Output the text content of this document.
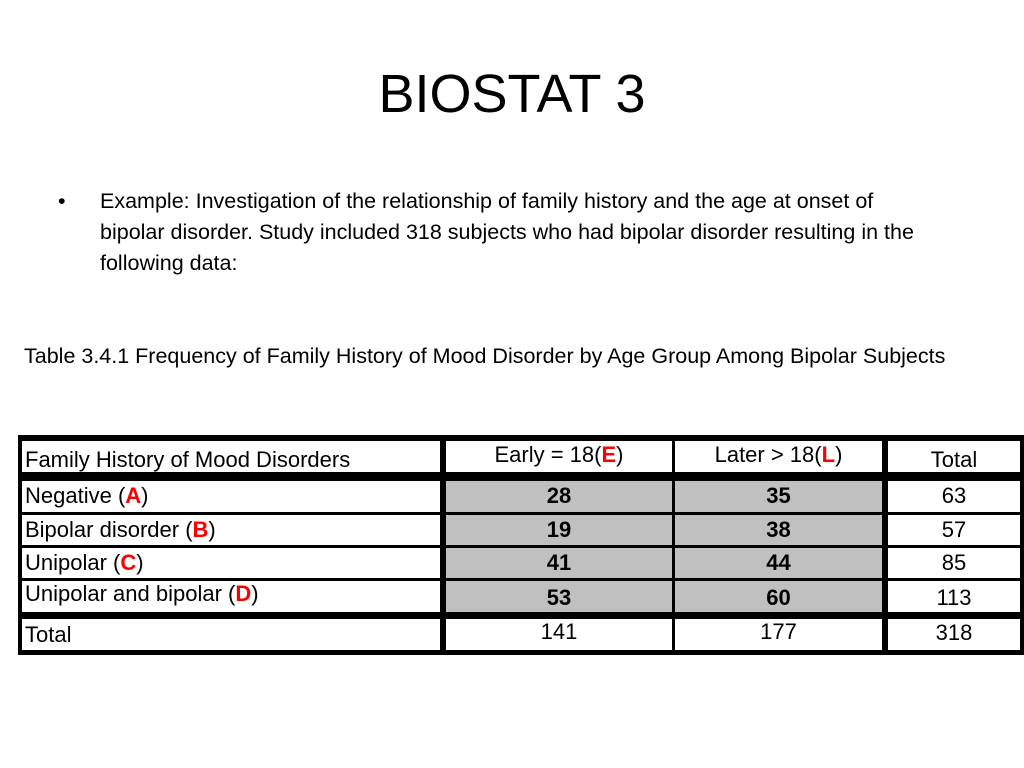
BIOSTAT 3
• Example: Investigation of the relationship of family history and the age at onset of bipolar disorder. Study included 318 subjects who had bipolar disorder resulting in the following data:
Table 3.4.1 Frequency of Family History of Mood Disorder by Age Group Among Bipolar Subjects
Family History of Mood Disorders	Early = 18(E)	Later > 18(L)	Total
Negative (A)	28	35	63
Bipolar disorder (B)	19	38	57
Unipolar (C)	41	44	85
Unipolar and bipolar (D)	53	60	113
Total	141	177	318
